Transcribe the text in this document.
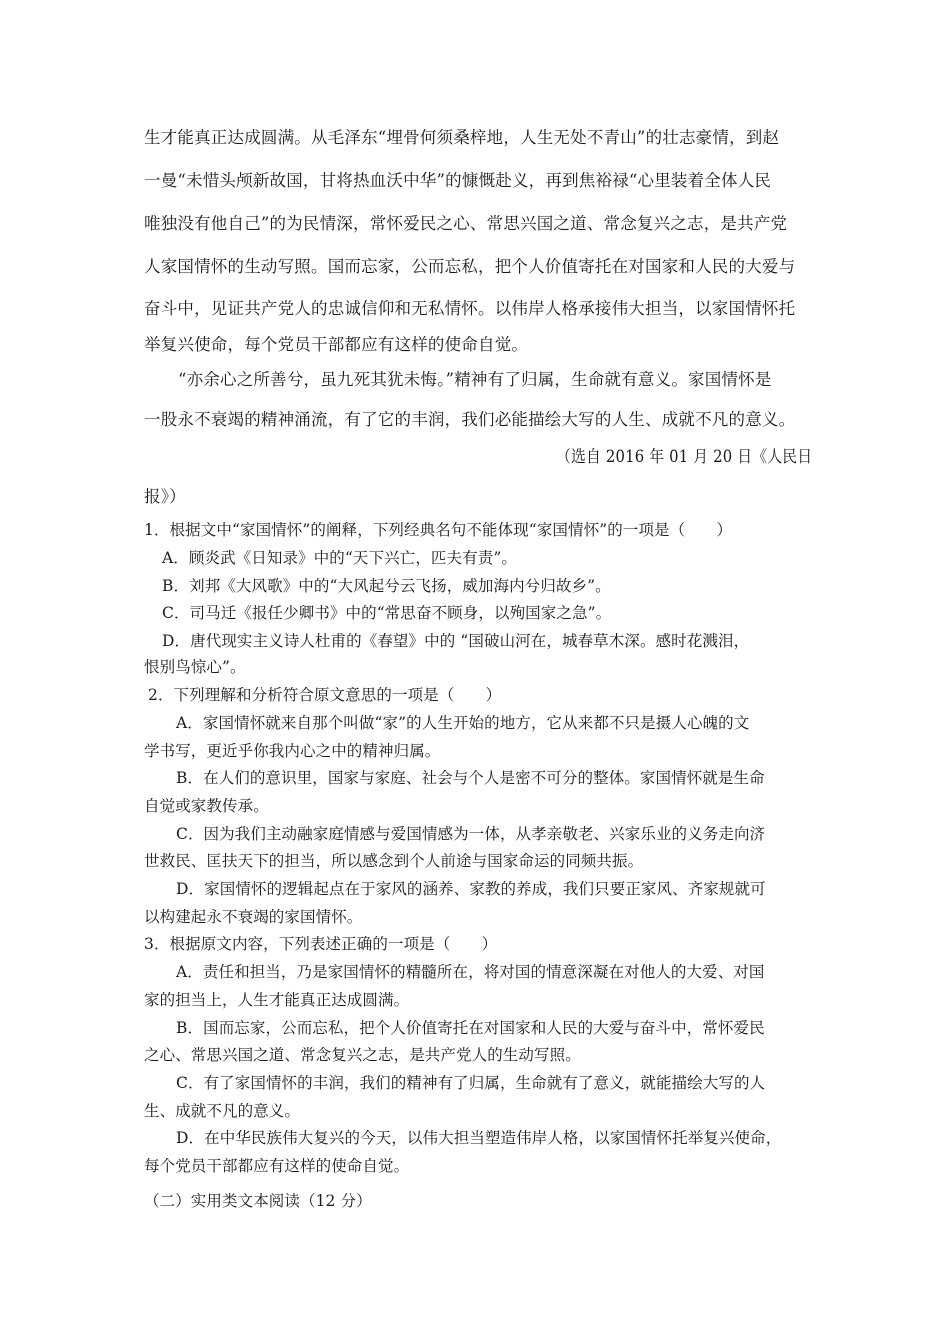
生才能真正达成圆满。从毛泽东“埋骨何须桑梓地，人生无处不青山”的壮志豪情，到赵
一曼“未惜头颅新故国，甘将热血沃中华”的慷慨赴义，再到焦裕禄“心里装着全体人民
唯独没有他自己”的为民情深，常怀爱民之心、常思兴国之道、常念复兴之志，是共产党
人家国情怀的生动写照。国而忘家，公而忘私，把个人价值寄托在对国家和人民的大爱与
奋斗中，见证共产党人的忠诚信仰和无私情怀。以伟岸人格承接伟大担当，以家国情怀托
举复兴使命，每个党员干部都应有这样的使命自觉。
“亦余心之所善兮，虽九死其犹未悔。”精神有了归属，生命就有意义。家国情怀是
一股永不衰竭的精神涌流，有了它的丰润，我们必能描绘大写的人生、成就不凡的意义。
（选自 2016 年 01 月 20 日《人民日
报》）
1．根据文中“家国情怀”的阐释，下列经典名句不能体现“家国情怀”的一项是（　　）
A．顾炎武《日知录》中的“天下兴亡，匹夫有责”。
B．刘邦《大风歌》中的“大风起兮云飞扬，威加海内兮归故乡”。
C．司马迁《报任少卿书》中的“常思奋不顾身，以殉国家之急”。
D．唐代现实主义诗人杜甫的《春望》中的 “国破山河在，城春草木深。感时花溅泪，
恨别鸟惊心”。
2．下列理解和分析符合原文意思的一项是（　　）
A．家国情怀就来自那个叫做“家”的人生开始的地方，它从来都不只是摄人心魄的文
学书写，更近乎你我内心之中的精神归属。
B．在人们的意识里，国家与家庭、社会与个人是密不可分的整体。家国情怀就是生命
自觉或家教传承。
C．因为我们主动融家庭情感与爱国情感为一体，从孝亲敬老、兴家乐业的义务走向济
世救民、匡扶天下的担当，所以感念到个人前途与国家命运的同频共振。
D．家国情怀的逻辑起点在于家风的涵养、家教的养成，我们只要正家风、齐家规就可
以构建起永不衰竭的家国情怀。
3．根据原文内容，下列表述正确的一项是（　　）
A．责任和担当，乃是家国情怀的精髓所在，将对国的情意深凝在对他人的大爱、对国
家的担当上，人生才能真正达成圆满。
B．国而忘家，公而忘私，把个人价值寄托在对国家和人民的大爱与奋斗中，常怀爱民
之心、常思兴国之道、常念复兴之志，是共产党人的生动写照。
C．有了家国情怀的丰润，我们的精神有了归属，生命就有了意义，就能描绘大写的人
生、成就不凡的意义。
D．在中华民族伟大复兴的今天，以伟大担当塑造伟岸人格，以家国情怀托举复兴使命，
每个党员干部都应有这样的使命自觉。
（二）实用类文本阅读（12 分）
